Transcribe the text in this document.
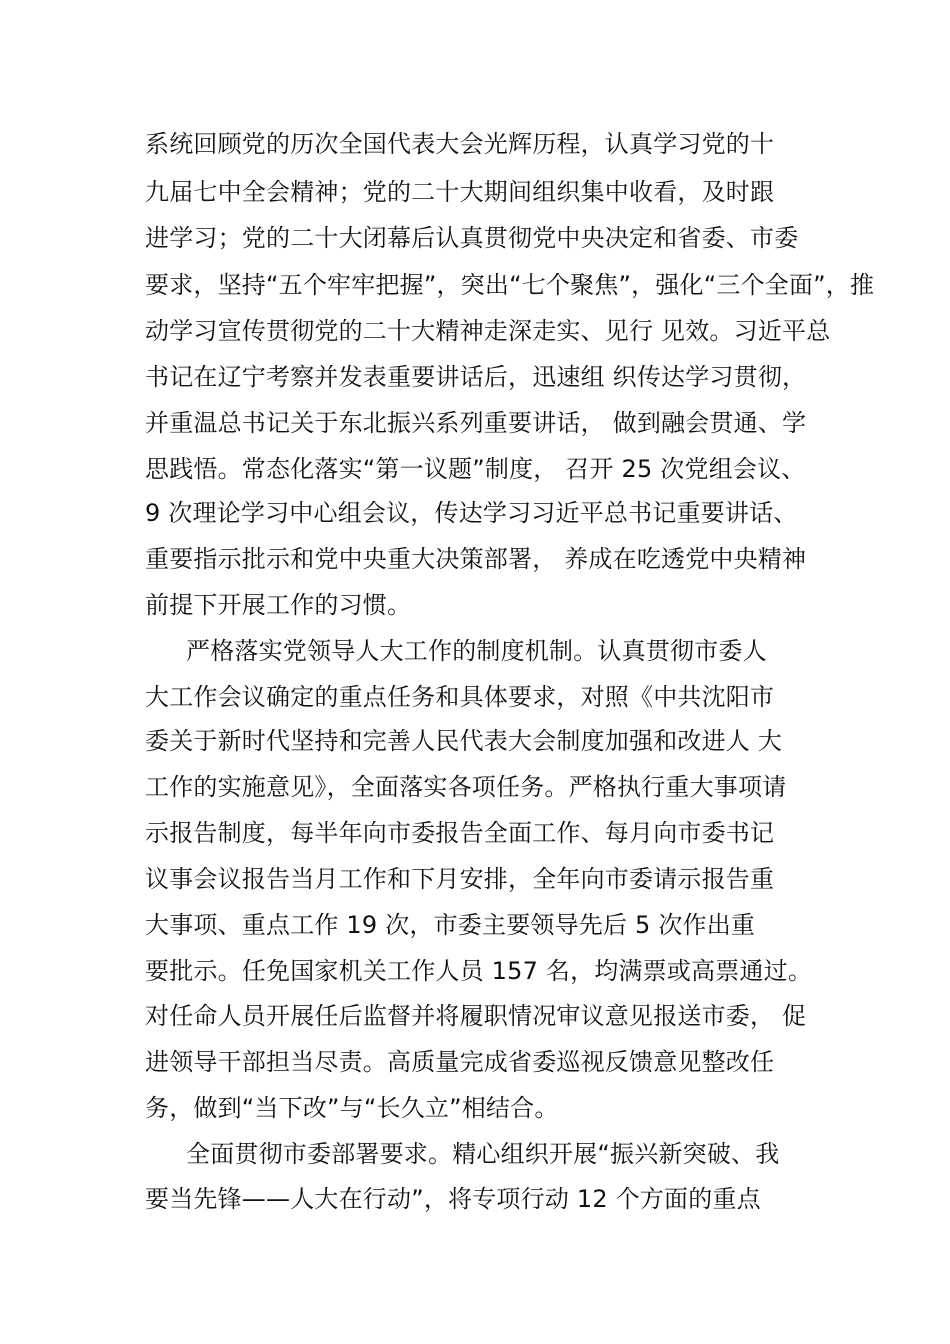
系统回顾党的历次全国代表大会光辉历程，认真学习党的十
九届七中全会精神；党的二十大期间组织集中收看，及时跟
进学习；党的二十大闭幕后认真贯彻党中央决定和省委、市委
要求，坚持“五个牢牢把握”，突出“七个聚焦”，强化“三个全面”，推
动学习宣传贯彻党的二十大精神走深走实、见行 见效。习近平总
书记在辽宁考察并发表重要讲话后，迅速组 织传达学习贯彻，
并重温总书记关于东北振兴系列重要讲话， 做到融会贯通、学
思践悟。常态化落实“第一议题”制度， 召开 25 次党组会议、
9 次理论学习中心组会议，传达学习习近平总书记重要讲话、
重要指示批示和党中央重大决策部署， 养成在吃透党中央精神
前提下开展工作的习惯。
严格落实党领导人大工作的制度机制。认真贯彻市委人
大工作会议确定的重点任务和具体要求，对照《中共沈阳市
委关于新时代坚持和完善人民代表大会制度加强和改进人 大
工作的实施意见》，全面落实各项任务。严格执行重大事项请
示报告制度，每半年向市委报告全面工作、每月向市委书记
议事会议报告当月工作和下月安排，全年向市委请示报告重
大事项、重点工作 19 次，市委主要领导先后 5 次作出重
要批示。任免国家机关工作人员 157 名，均满票或高票通过。
对任命人员开展任后监督并将履职情况审议意见报送市委， 促
进领导干部担当尽责。高质量完成省委巡视反馈意见整改任
务，做到“当下改”与“长久立”相结合。
全面贯彻市委部署要求。精心组织开展“振兴新突破、我
要当先锋——人大在行动”，将专项行动 12 个方面的重点
